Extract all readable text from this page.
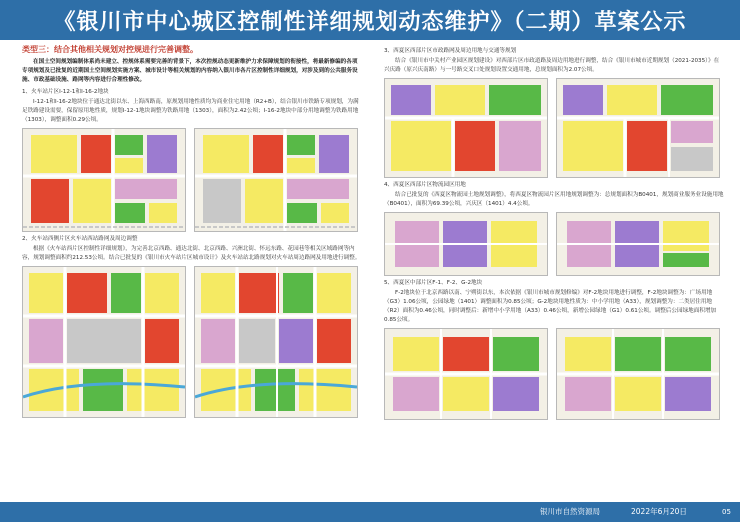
《银川市中心城区控制性详细规划动态维护》（二期）草案公示
类型三：结合其他相关规划对控规进行完善调整。

在国土空间规划编制体系尚未建立、控规体系需要完善的背景下，本次控规动态更新维护力求保障规划的衔接性，将最新修编的各项专项规划及已批复的近期国土空间规划实施方案、城市设计等相关规划的内容纳入银川市各片区控制性详细规划，对涉及到的公共服务设施、市政基础设施、路网等内容进行合理性修改。

1、火车站片区I-12-1和I-16-2地块

I-12-1和I-16-2地块位于通达北街以东、上海西路南，原规划用地性质均为商业住宅用地（R2+B），结合银川市铁路专项规划，为满足铁路建设需要，保留原用地性质，规划I-12-1地块调整为铁路用地（1303），面积为2.42公顷；I-16-2地块中部分用地调整为铁路用地（1303），调整面积0.29公顷。

2、火车站西侧片区火车站西站路网及周边调整

根据《火车站西片区控制性详细规划》，为完善北京西路、通达北街、北京西路、兴洲北街、怀远东路、花园巷等相关区域路网等内容，规划调整面积约212.53公顷。结合已批复的《银川市火车站片区城市设计》及火车站站北路规划对火车站周边路网及用地进行调整。

3、西夏区西部片区市政路网及周边用地与交通等规划

结合《银川市中关村产业园区规划建设》对西部片区市政道路及周边用地进行调整，结合《银川市城市近期规划（2021-2035）》在兴庆路（原兴庆南路）与一号路交叉口处规划设置交通用地，总规划面积为2.07公顷。

4、西夏区西部片区物流园区用地

结合已批复的《西夏区物流园土地规划调整》，将西夏区物流园片区用地规划调整为：总规划面积为B0401，规划商业服务业设施用地（B0401），面积为69.39公顷，兴庆区（1401）4.4公顷。

5、西夏区中部片区F-1、F-2、G-2地块

F-2地块位于北京西路以南、宁朔街以东，本次依据《银川市城市规划修编》对F-2地块用地进行调整，F-2地块调整为：广场用地（G3）1.06公顷，公园绿地（1401）调整面积为0.85公顷；G-2地块用地性质为：中小学用地（A33），规划调整为：二类居住用地（R2）面积为0.46公顷，同时调整后：新增中小学用地（A33）0.46公顷，新增公园绿地（G1）0.61公顷。调整后公园绿地面积增加0.85公顷。

银川市自然资源局	2022年6月20日	05
